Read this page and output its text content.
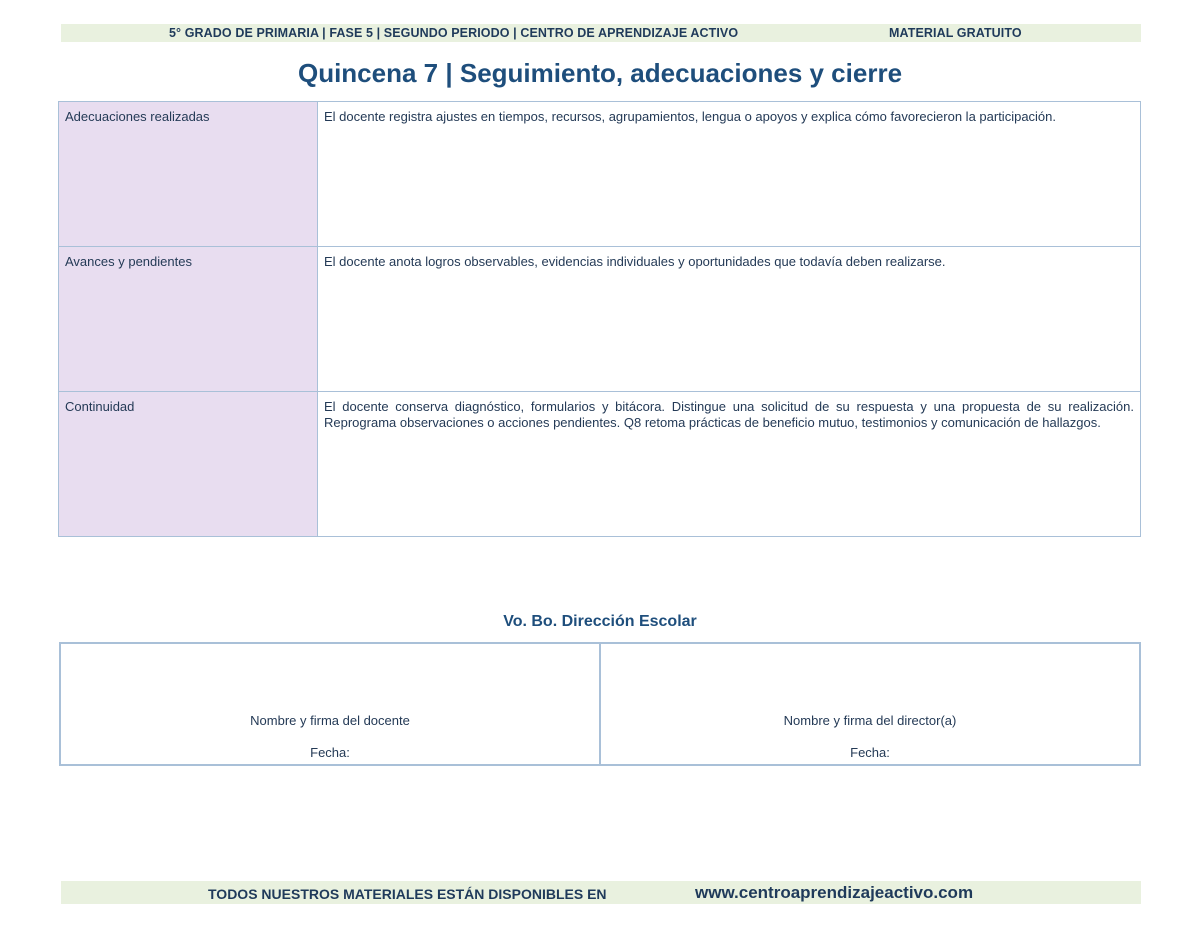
5° GRADO DE PRIMARIA | FASE 5 | SEGUNDO PERIODO | CENTRO DE APRENDIZAJE ACTIVO	MATERIAL GRATUITO
Quincena 7 | Seguimiento, adecuaciones y cierre
Adecuaciones realizadas	El docente registra ajustes en tiempos, recursos, agrupamientos, lengua o apoyos y explica cómo favorecieron la participación.
Avances y pendientes	El docente anota logros observables, evidencias individuales y oportunidades que todavía deben realizarse.
Continuidad	El docente conserva diagnóstico, formularios y bitácora. Distingue una solicitud de su respuesta y una propuesta de su realización. Reprograma observaciones o acciones pendientes. Q8 retoma prácticas de beneficio mutuo, testimonios y comunicación de hallazgos.
Vo. Bo. Dirección Escolar
Nombre y firma del docente
Fecha:

Nombre y firma del director(a)
Fecha:
TODOS NUESTROS MATERIALES ESTÁN DISPONIBLES EN	www.centroaprendizajeactivo.com
